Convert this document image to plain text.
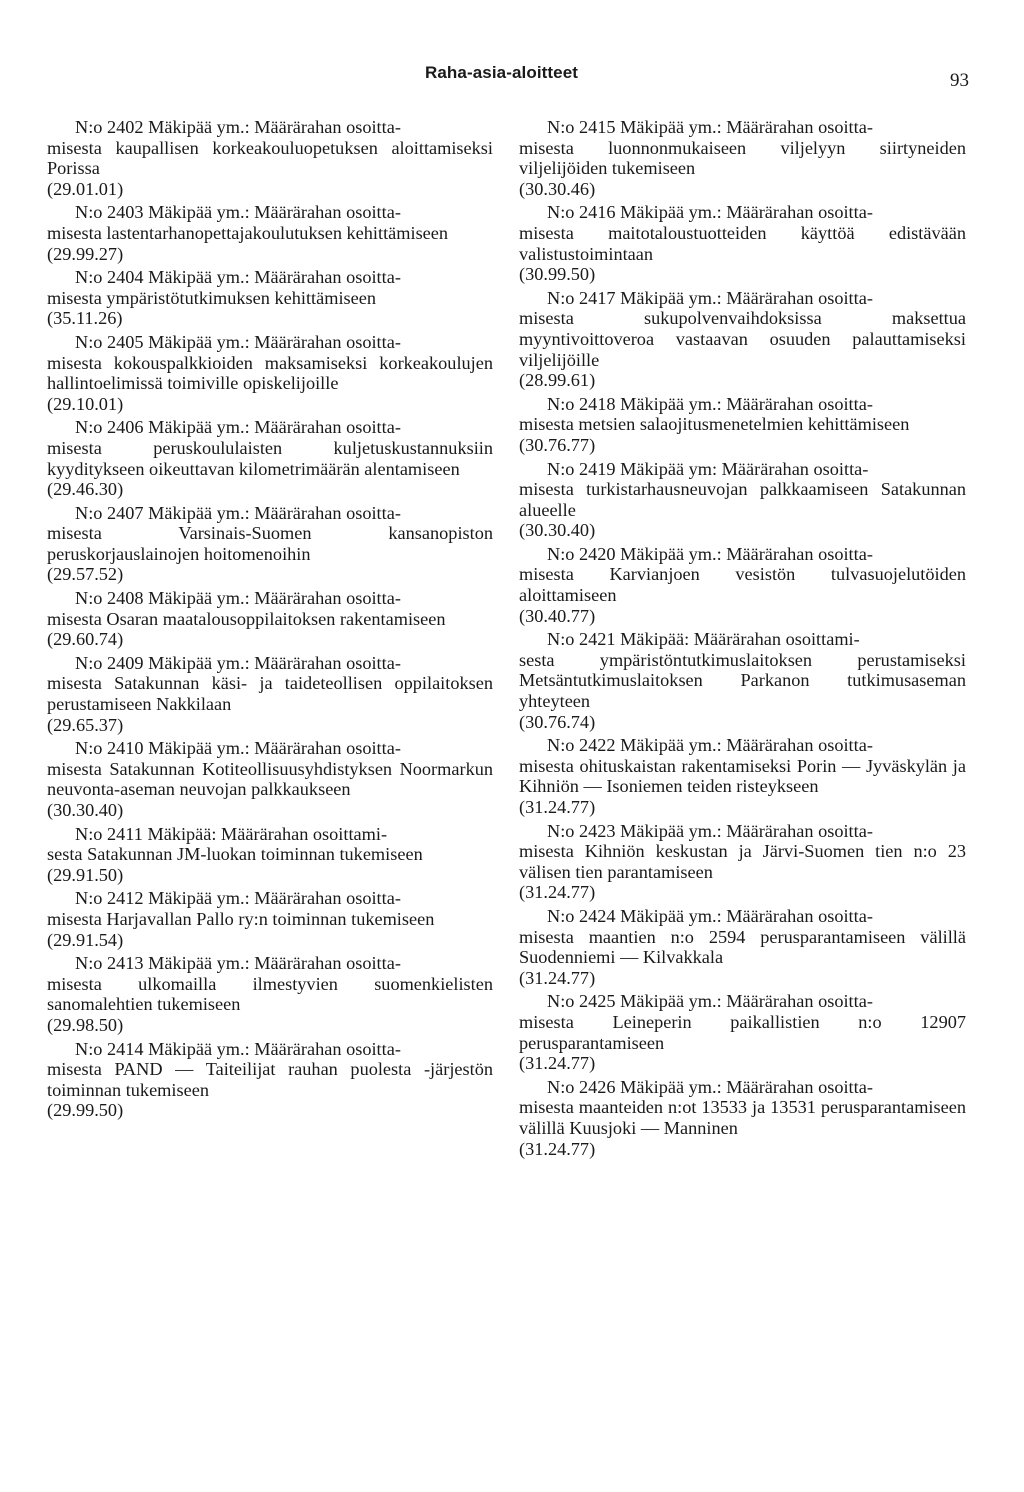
Raha-asia-aloitteet	93
N:o 2402 Mäkipää ym.: Määrärahan osoitta-
misesta kaupallisen korkeakouluopetuksen aloittamiseksi Porissa
(29.01.01)
N:o 2403 Mäkipää ym.: Määrärahan osoitta-
misesta lastentarhanopettajakoulutuksen kehittämiseen
(29.99.27)
N:o 2404 Mäkipää ym.: Määrärahan osoitta-
misesta ympäristötutkimuksen kehittämiseen
(35.11.26)
N:o 2405 Mäkipää ym.: Määrärahan osoitta-
misesta kokouspalkkioiden maksamiseksi korkeakoulujen hallintoelimissä toimiville opiskelijoille
(29.10.01)
N:o 2406 Mäkipää ym.: Määrärahan osoitta-
misesta peruskoululaisten kuljetuskustannuksiin kyyditykseen oikeuttavan kilometrimäärän alentamiseen
(29.46.30)
N:o 2407 Mäkipää ym.: Määrärahan osoitta-
misesta Varsinais-Suomen kansanopiston peruskorjauslainojen hoitomenoihin
(29.57.52)
N:o 2408 Mäkipää ym.: Määrärahan osoitta-
misesta Osaran maatalousoppilaitoksen rakentamiseen
(29.60.74)
N:o 2409 Mäkipää ym.: Määrärahan osoitta-
misesta Satakunnan käsi- ja taideteollisen oppilaitoksen perustamiseen Nakkilaan
(29.65.37)
N:o 2410 Mäkipää ym.: Määrärahan osoitta-
misesta Satakunnan Kotiteollisuusyhdistyksen Noormarkun neuvonta-aseman neuvojan palkkaukseen
(30.30.40)
N:o 2411 Mäkipää: Määrärahan osoittami-
sesta Satakunnan JM-luokan toiminnan tukemiseen
(29.91.50)
N:o 2412 Mäkipää ym.: Määrärahan osoitta-
misesta Harjavallan Pallo ry:n toiminnan tukemiseen
(29.91.54)
N:o 2413 Mäkipää ym.: Määrärahan osoitta-
misesta ulkomailla ilmestyvien suomenkielisten sanomalehtien tukemiseen
(29.98.50)
N:o 2414 Mäkipää ym.: Määrärahan osoitta-
misesta PAND — Taiteilijat rauhan puolesta -järjestön toiminnan tukemiseen
(29.99.50)
N:o 2415 Mäkipää ym.: Määrärahan osoitta-
misesta luonnonmukaiseen viljelyyn siirtyneiden viljelijöiden tukemiseen
(30.30.46)
N:o 2416 Mäkipää ym.: Määrärahan osoitta-
misesta maitotaloustuotteiden käyttöä edistävään valistustoimintaan
(30.99.50)
N:o 2417 Mäkipää ym.: Määrärahan osoitta-
misesta sukupolvenvaihdoksissa maksettua myyntivoittoveroa vastaavan osuuden palauttamiseksi viljelijöille
(28.99.61)
N:o 2418 Mäkipää ym.: Määrärahan osoitta-
misesta metsien salaojitusmenetelmien kehittämiseen
(30.76.77)
N:o 2419 Mäkipää ym: Määrärahan osoitta-
misesta turkistarhausneuvojan palkkaamiseen Satakunnan alueelle
(30.30.40)
N:o 2420 Mäkipää ym.: Määrärahan osoitta-
misesta Karvianjoen vesistön tulvasuojelutöiden aloittamiseen
(30.40.77)
N:o 2421 Mäkipää: Määrärahan osoittami-
sesta ympäristöntutkimuslaitoksen perustamiseksi Metsäntutkimuslaitoksen Parkanon tutkimusaseman yhteyteen
(30.76.74)
N:o 2422 Mäkipää ym.: Määrärahan osoitta-
misesta ohituskaistan rakentamiseksi Porin — Jyväskylän ja Kihniön — Isoniemen teiden risteykseen
(31.24.77)
N:o 2423 Mäkipää ym.: Määrärahan osoitta-
misesta Kihniön keskustan ja Järvi-Suomen tien n:o 23 välisen tien parantamiseen
(31.24.77)
N:o 2424 Mäkipää ym.: Määrärahan osoitta-
misesta maantien n:o 2594 perusparantamiseen välillä Suodenniemi — Kilvakkala
(31.24.77)
N:o 2425 Mäkipää ym.: Määrärahan osoitta-
misesta Leineperin paikallistien n:o 12907 perusparantamiseen
(31.24.77)
N:o 2426 Mäkipää ym.: Määrärahan osoitta-
misesta maanteiden n:ot 13533 ja 13531 perusparantamiseen välillä Kuusjoki — Manninen
(31.24.77)
